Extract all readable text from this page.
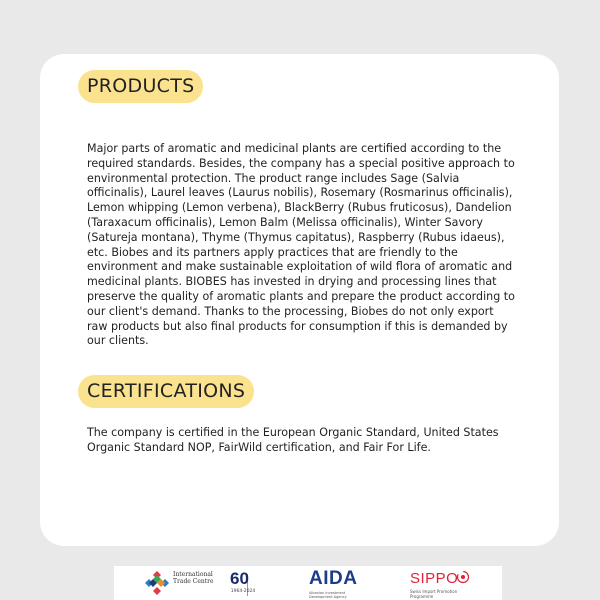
PRODUCTS

Major parts of aromatic and medicinal plants are certified according to the required standards. Besides, the company has a special positive approach to environmental protection. The product range includes Sage (Salvia officinalis), Laurel leaves (Laurus nobilis), Rosemary (Rosmarinus officinalis), Lemon whipping (Lemon verbena), BlackBerry (Rubus fruticosus), Dandelion (Taraxacum officinalis), Lemon Balm (Melissa officinalis), Winter Savory (Satureja montana), Thyme (Thymus capitatus), Raspberry (Rubus idaeus), etc. Biobes and its partners apply practices that are friendly to the environment and make sustainable exploitation of wild flora of aromatic and medicinal plants. BIOBES has invested in drying and processing lines that preserve the quality of aromatic plants and prepare the product according to our client's demand. Thanks to the processing, Biobes do not only export raw products but also final products for consumption if this is demanded by our clients.

CERTIFICATIONS

The company is certified in the European Organic Standard, United States Organic Standard NOP, FairWild certification, and Fair For Life.

International Trade Centre 60
1964-2024
AIDA
Albanian Investment Development Agency
SIPPO
Swiss Import Promotion Programme
